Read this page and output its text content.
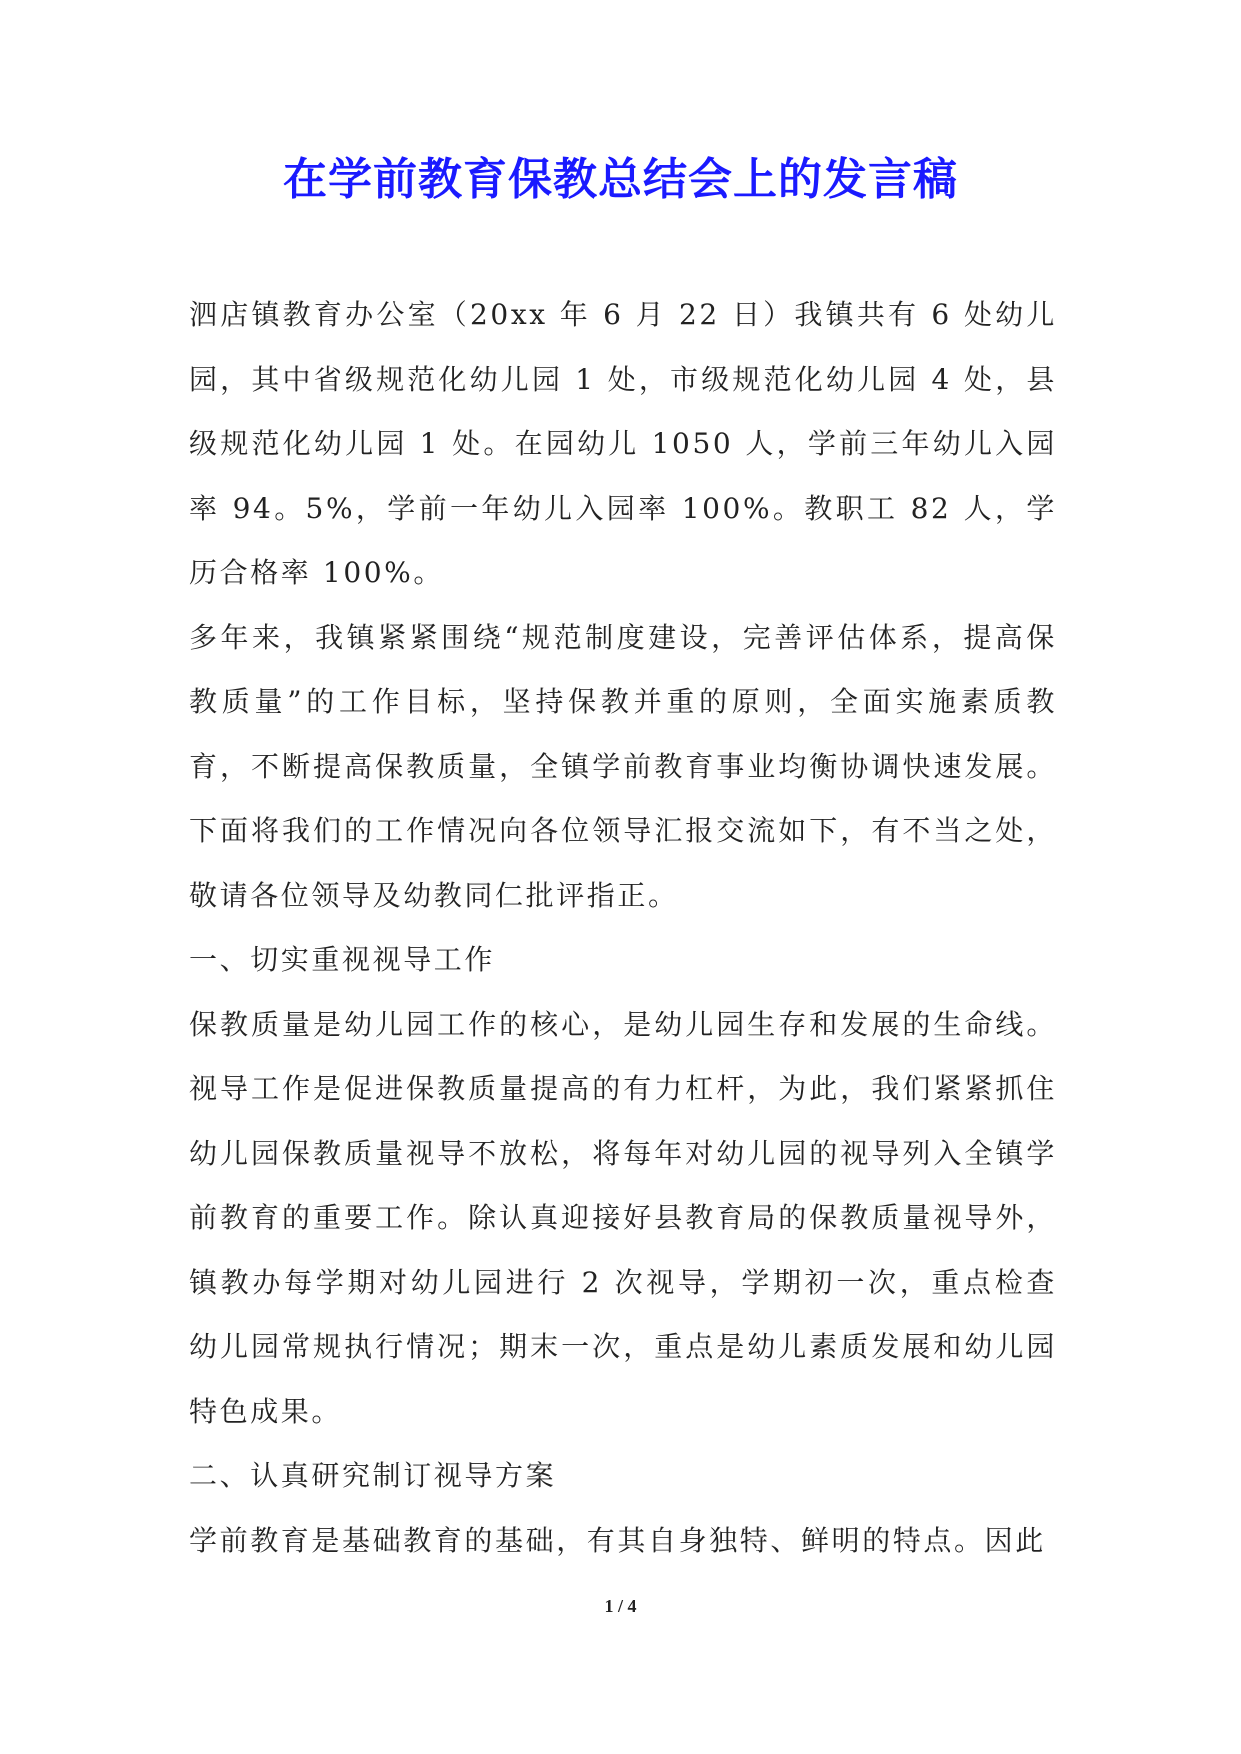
在学前教育保教总结会上的发言稿

泗店镇教育办公室（20xx 年 6 月 22 日）我镇共有 6 处幼儿园，其中省级规范化幼儿园 1 处，市级规范化幼儿园 4 处，县级规范化幼儿园 1 处。在园幼儿 1050 人，学前三年幼儿入园率 94。5%，学前一年幼儿入园率 100%。教职工 82 人，学历合格率 100%。

多年来，我镇紧紧围绕“规范制度建设，完善评估体系，提高保教质量”的工作目标，坚持保教并重的原则，全面实施素质教育，不断提高保教质量，全镇学前教育事业均衡协调快速发展。下面将我们的工作情况向各位领导汇报交流如下，有不当之处，敬请各位领导及幼教同仁批评指正。

一、切实重视视导工作

保教质量是幼儿园工作的核心，是幼儿园生存和发展的生命线。视导工作是促进保教质量提高的有力杠杆，为此，我们紧紧抓住幼儿园保教质量视导不放松，将每年对幼儿园的视导列入全镇学前教育的重要工作。除认真迎接好县教育局的保教质量视导外，镇教办每学期对幼儿园进行 2 次视导，学期初一次，重点检查幼儿园常规执行情况；期末一次，重点是幼儿素质发展和幼儿园特色成果。

二、认真研究制订视导方案

学前教育是基础教育的基础，有其自身独特、鲜明的特点。因此

1 / 4
